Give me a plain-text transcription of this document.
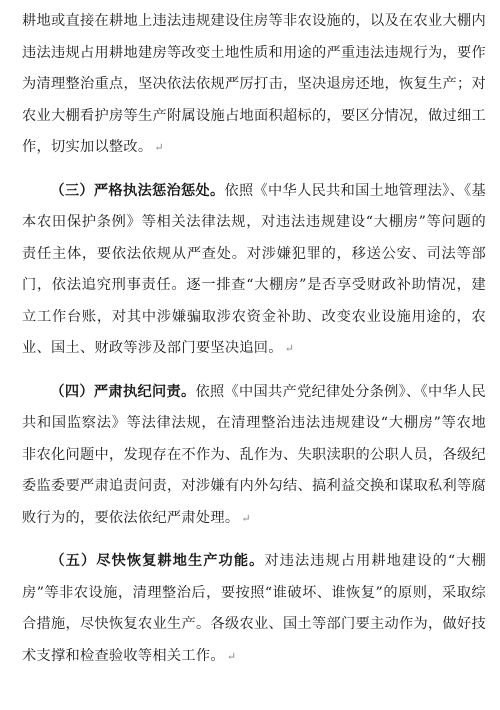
耕地或直接在耕地上违法违规建设住房等非农设施的，以及在农业大棚内违法违规占用耕地建房等改变土地性质和用途的严重违法违规行为，要作为清理整治重点，坚决依法依规严厉打击，坚决退房还地，恢复生产；对农业大棚看护房等生产附属设施占地面积超标的，要区分情况，做过细工作，切实加以整改。 ↵

（三）严格执法惩治惩处。依照《中华人民共和国土地管理法》、《基本农田保护条例》等相关法律法规，对违法违规建设“大棚房”等问题的责任主体，要依法依规从严查处。对涉嫌犯罪的，移送公安、司法等部门，依法追究刑事责任。逐一排查“大棚房”是否享受财政补助情况，建立工作台账，对其中涉嫌骗取涉农资金补助、改变农业设施用途的，农业、国土、财政等涉及部门要坚决追回。 ↵

（四）严肃执纪问责。依照《中国共产党纪律处分条例》、《中华人民共和国监察法》等法律法规，在清理整治违法违规建设“大棚房”等农地非农化问题中，发现存在不作为、乱作为、失职渎职的公职人员，各级纪委监委要严肃追责问责，对涉嫌有内外勾结、搞利益交换和谋取私利等腐败行为的，要依法依纪严肃处理。 ↵

（五）尽快恢复耕地生产功能。对违法违规占用耕地建设的“大棚房”等非农设施，清理整治后，要按照“谁破坏、谁恢复”的原则，采取综合措施，尽快恢复农业生产。各级农业、国土等部门要主动作为，做好技术支撑和检查验收等相关工作。 ↵
